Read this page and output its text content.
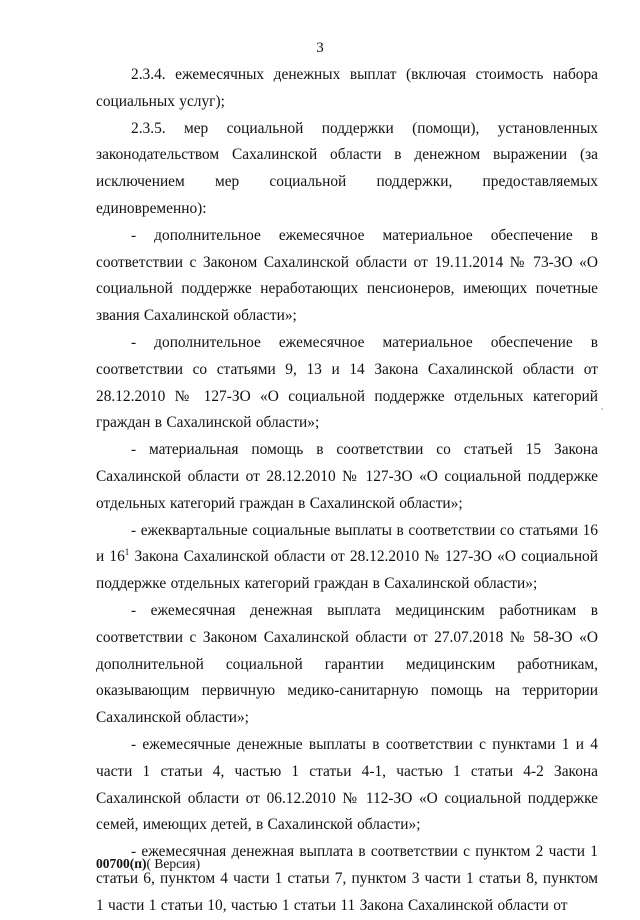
3

2.3.4. ежемесячных денежных выплат (включая стоимость набора социальных услуг);

2.3.5. мер социальной поддержки (помощи), установленных законодательством Сахалинской области в денежном выражении (за исключением мер социальной поддержки, предоставляемых единовременно):

- дополнительное ежемесячное материальное обеспечение в соответствии с Законом Сахалинской области от 19.11.2014 № 73-ЗО «О социальной поддержке неработающих пенсионеров, имеющих почетные звания Сахалинской области»;

- дополнительное ежемесячное материальное обеспечение в соответствии со статьями 9, 13 и 14 Закона Сахалинской области от 28.12.2010 № 127-ЗО «О социальной поддержке отдельных категорий граждан в Сахалинской области»;

- материальная помощь в соответствии со статьей 15 Закона Сахалинской области от 28.12.2010 № 127-ЗО «О социальной поддержке отдельных категорий граждан в Сахалинской области»;

- ежеквартальные социальные выплаты в соответствии со статьями 16 и $16^1$ Закона Сахалинской области от 28.12.2010 № 127-ЗО «О социальной поддержке отдельных категорий граждан в Сахалинской области»;

- ежемесячная денежная выплата медицинским работникам в соответствии с Законом Сахалинской области от 27.07.2018 № 58-ЗО «О дополнительной социальной гарантии медицинским работникам, оказывающим первичную медико-санитарную помощь на территории Сахалинской области»;

- ежемесячные денежные выплаты в соответствии с пунктами 1 и 4 части 1 статьи 4, частью 1 статьи 4-1, частью 1 статьи 4-2 Закона Сахалинской области от 06.12.2010 № 112-ЗО «О социальной поддержке семей, имеющих детей, в Сахалинской области»;

- ежемесячная денежная выплата в соответствии с пунктом 2 части 1 статьи 6, пунктом 4 части 1 статьи 7, пунктом 3 части 1 статьи 8, пунктом 1 части 1 статьи 10, частью 1 статьи 11 Закона Сахалинской области от

00700(п)( Версия)
